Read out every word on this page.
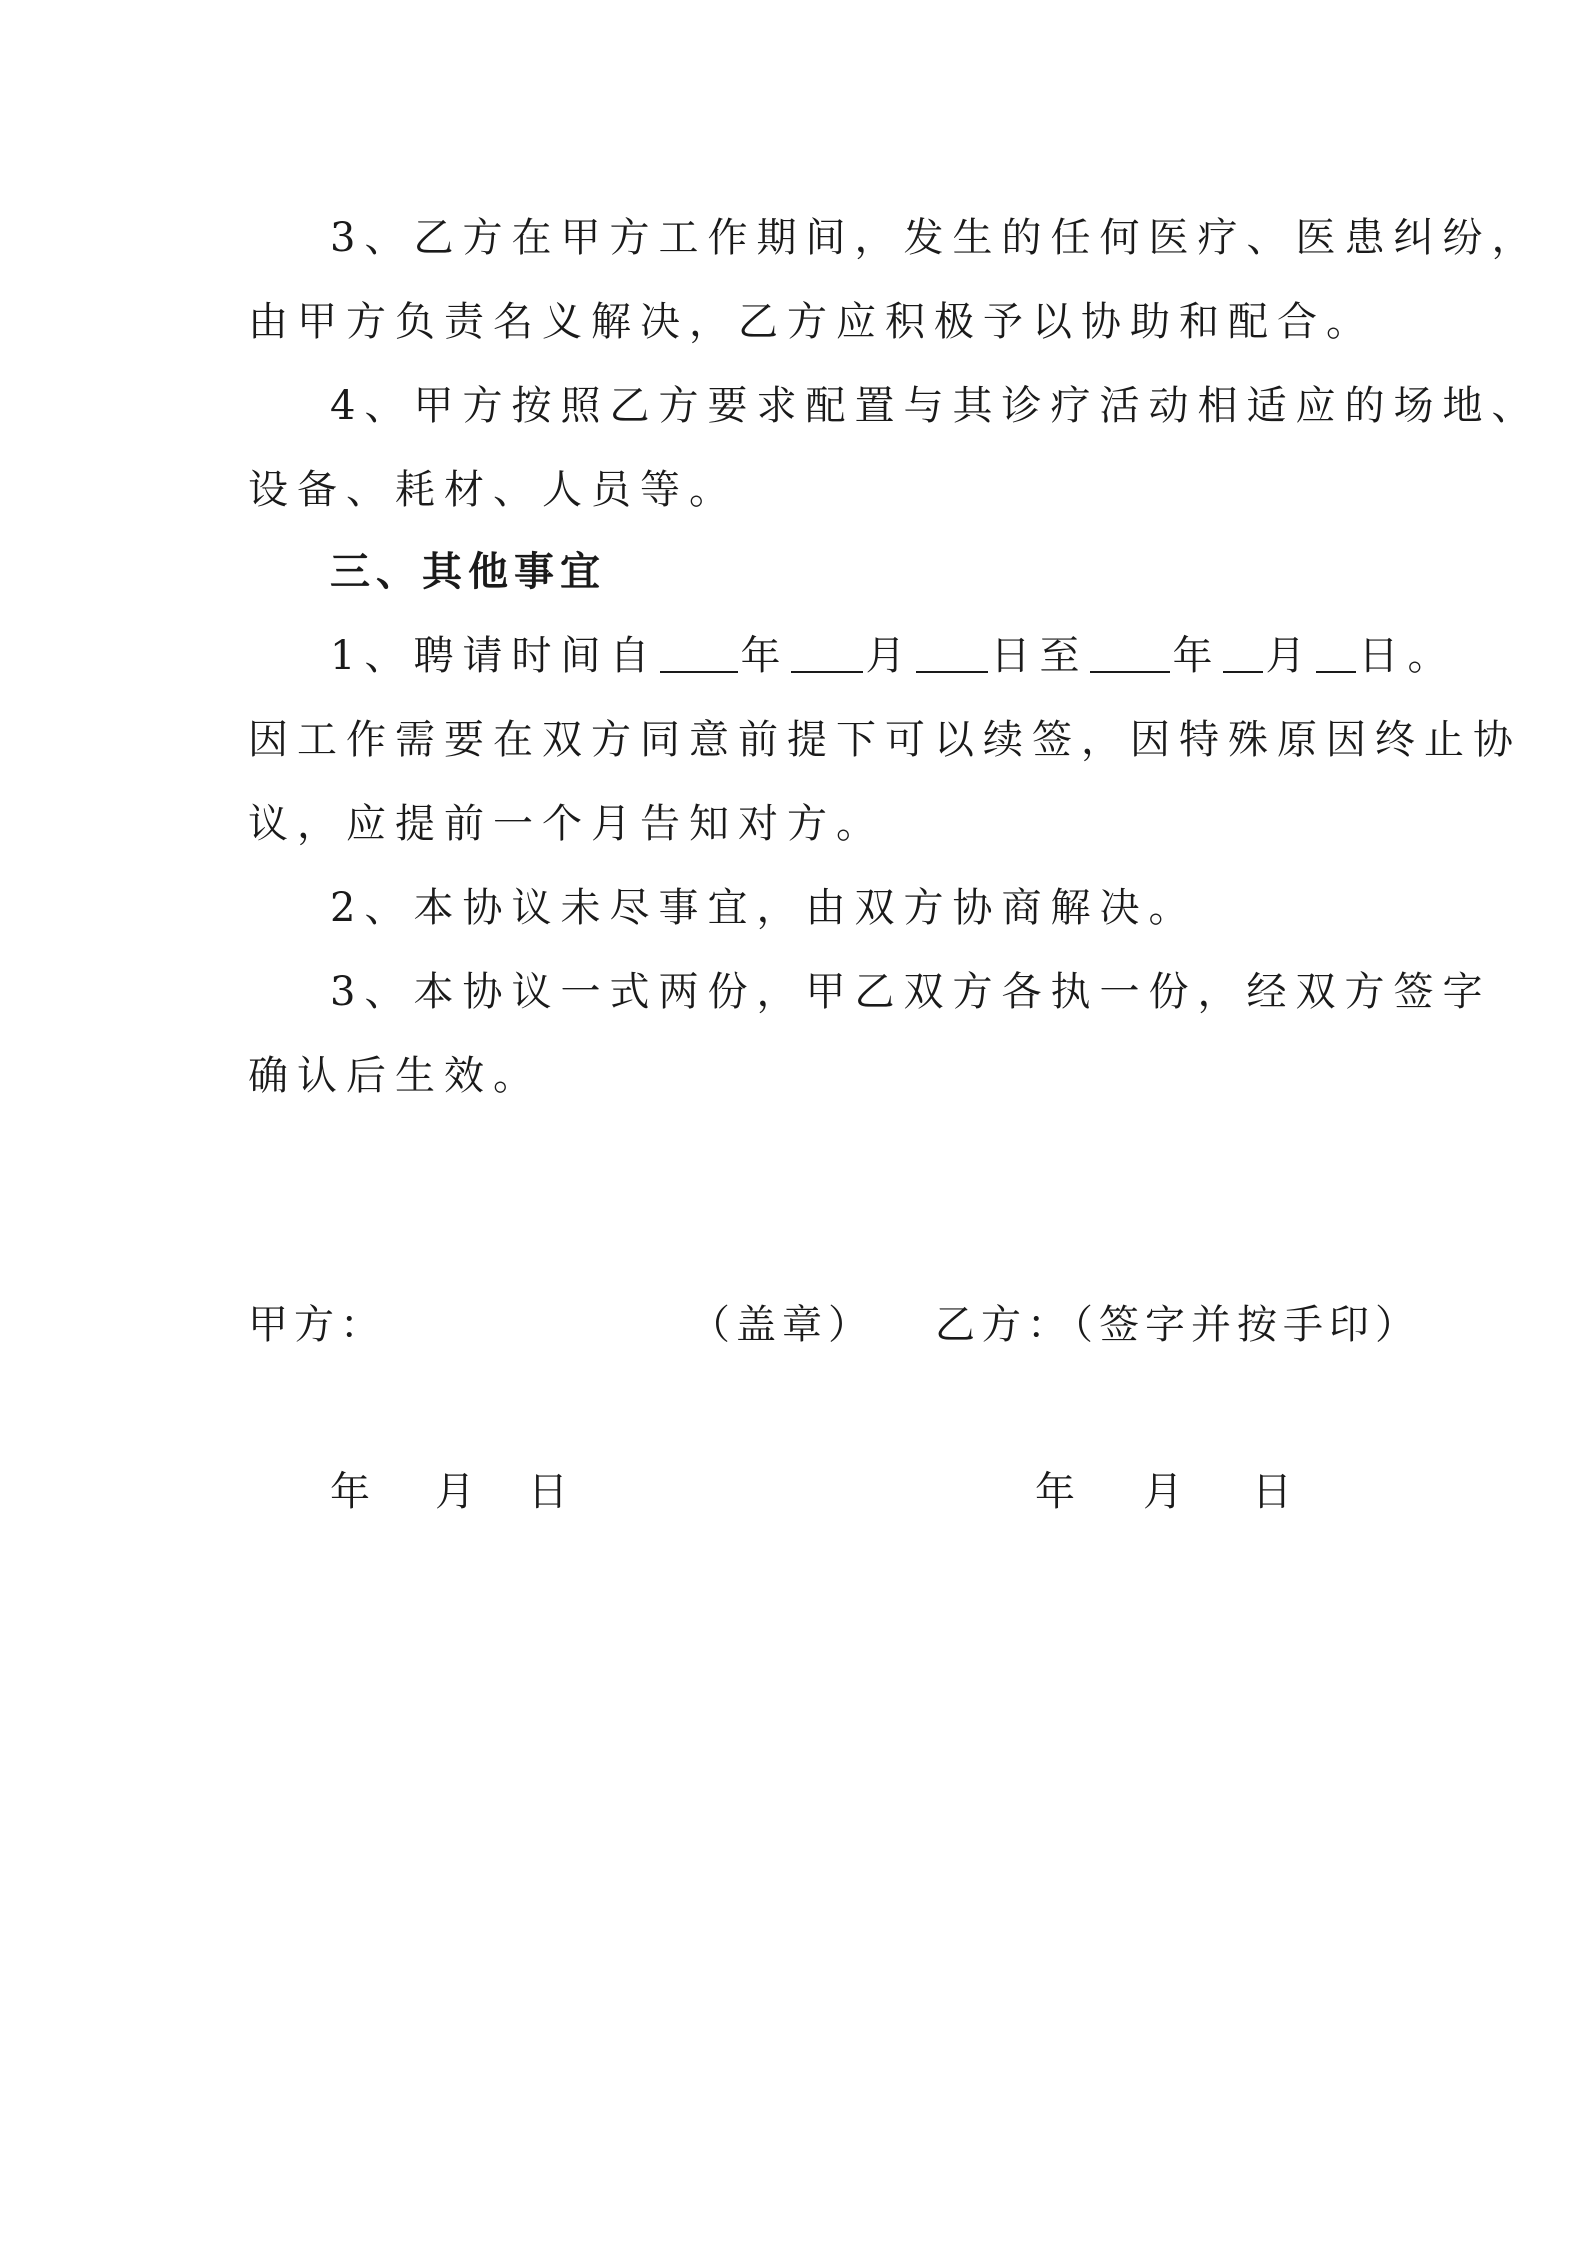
3、乙方在甲方工作期间，发生的任何医疗、医患纠纷，
由甲方负责名义解决，乙方应积极予以协助和配合。
4、甲方按照乙方要求配置与其诊疗活动相适应的场地、
设备、耗材、人员等。
三、其他事宜
1、聘请时间自 年 月 日至 年 月 日。
因工作需要在双方同意前提下可以续签，因特殊原因终止协
议，应提前一个月告知对方。
2、本协议未尽事宜，由双方协商解决。
3、本协议一式两份，甲乙双方各执一份，经双方签字
确认后生效。
甲方：	（盖章） 乙方：（签字并按手印）
年 月 日	年 月 日
